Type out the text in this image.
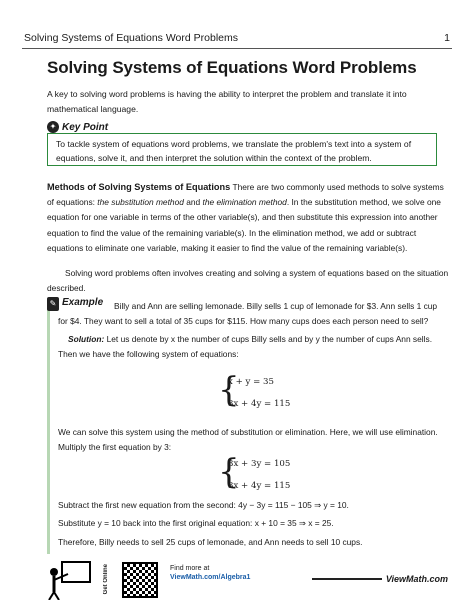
Solving Systems of Equations Word Problems	1
Solving Systems of Equations Word Problems
A key to solving word problems is having the ability to interpret the problem and translate it into mathematical language.
✦ Key Point
To tackle system of equations word problems, we translate the problem's text into a system of equations, solve it, and then interpret the solution within the context of the problem.
Methods of Solving Systems of Equations There are two commonly used methods to solve systems of equations: the substitution method and the elimination method. In the substitution method, we solve one equation for one variable in terms of the other variable(s), and then substitute this expression into another equation to find the value of the remaining variable(s). In the elimination method, we add or subtract equations to eliminate one variable, making it easier to find the value of the remaining variable(s).
Solving word problems often involves creating and solving a system of equations based on the situation described.
✎ Example Billy and Ann are selling lemonade. Billy sells 1 cup of lemonade for $3. Ann sells 1 cup
for $4. They want to sell a total of 35 cups for $115. How many cups does each person need to sell?
Solution: Let us denote by x the number of cups Billy sells and by y the number of cups Ann sells.
Then we have the following system of equations:
{
x + y = 35
3x + 4y = 115
We can solve this system using the method of substitution or elimination. Here, we will use elimination. Multiply the first equation by 3:
{
3x + 3y = 105
3x + 4y = 115
Subtract the first new equation from the second: 4y − 3y = 115 − 105 ⇒ y = 10.
Substitute y = 10 back into the first original equation: x + 10 = 35 ⇒ x = 25.
Therefore, Billy needs to sell 25 cups of lemonade, and Ann needs to sell 10 cups.
Get Online	Find more at
ViewMath.com/Algebra1	ViewMath.com
